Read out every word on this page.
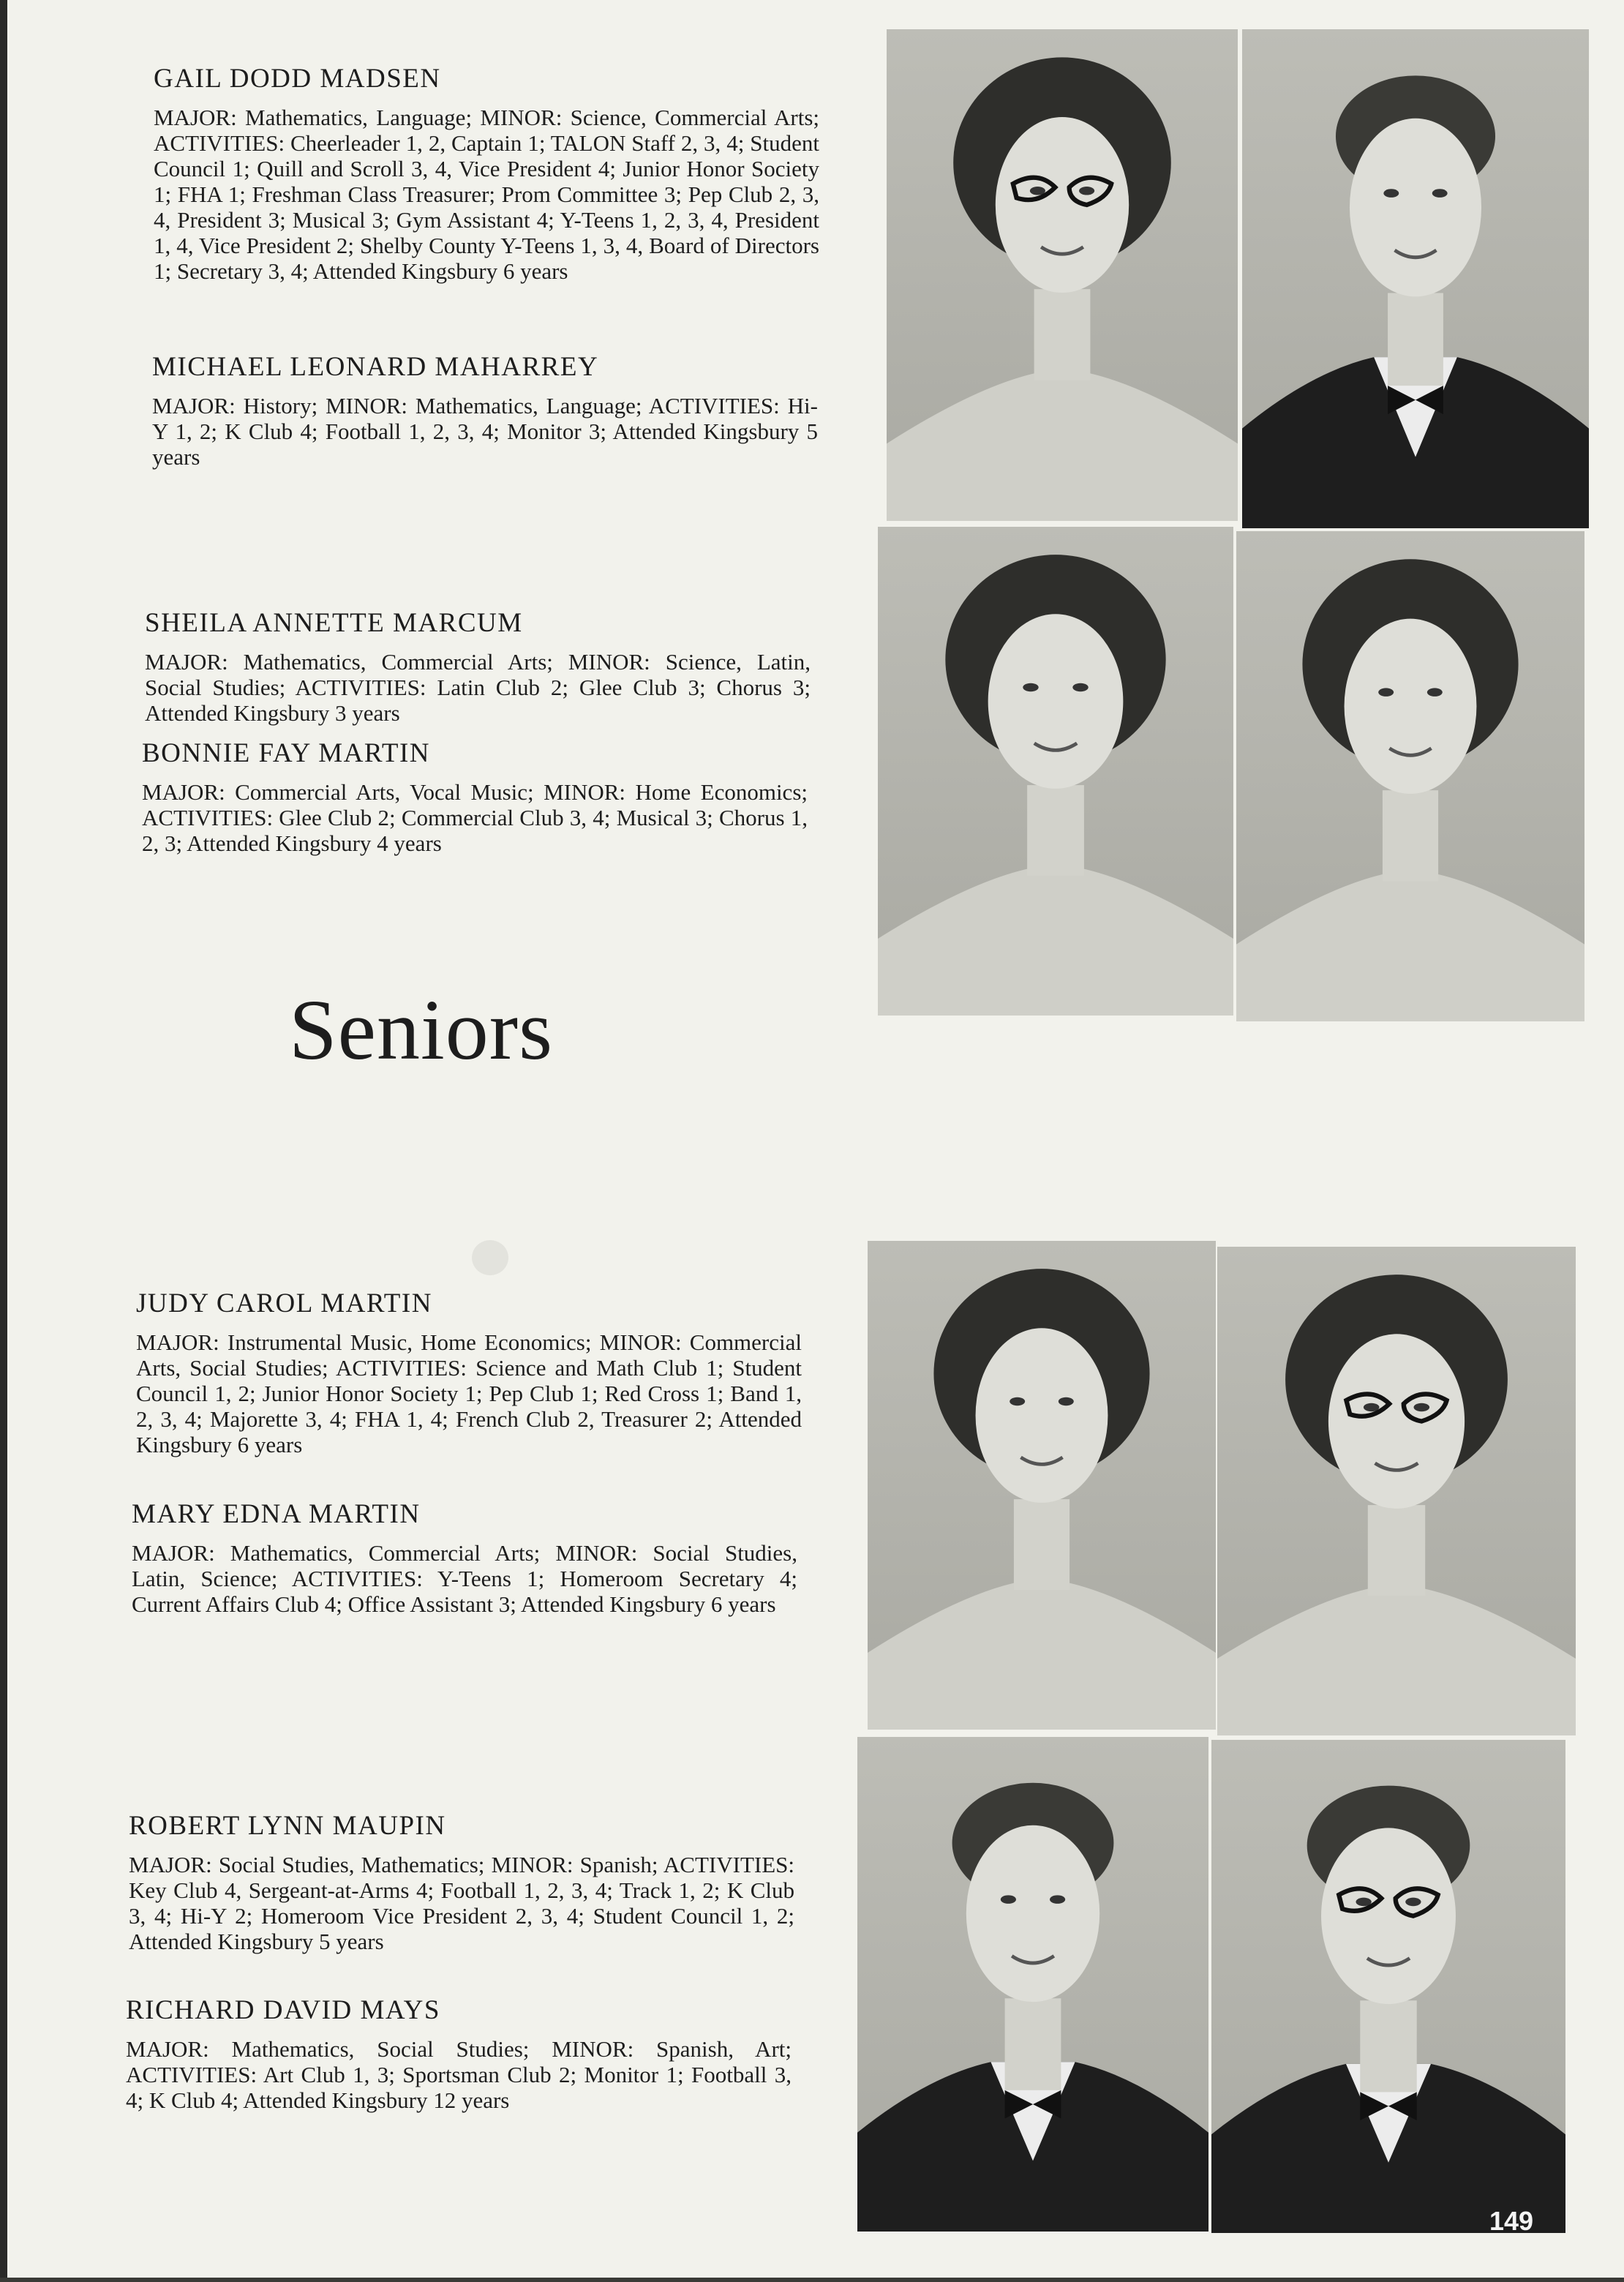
GAIL DODD MADSEN

MAJOR: Mathematics, Language; MINOR: Science, Commercial Arts; ACTIVITIES: Cheerleader 1, 2, Captain 1; TALON Staff 2, 3, 4; Student Council 1; Quill and Scroll 3, 4, Vice President 4; Junior Honor Society 1; FHA 1; Freshman Class Treasurer; Prom Committee 3; Pep Club 2, 3, 4, President 3; Musical 3; Gym Assistant 4; Y-Teens 1, 2, 3, 4, President 1, 4, Vice President 2; Shelby County Y-Teens 1, 3, 4, Board of Directors 1; Secretary 3, 4; Attended Kingsbury 6 years

MICHAEL LEONARD MAHARREY

MAJOR: History; MINOR: Mathematics, Language; ACTIVITIES: Hi-Y 1, 2; K Club 4; Football 1, 2, 3, 4; Monitor 3; Attended Kingsbury 5 years

SHEILA ANNETTE MARCUM

MAJOR: Mathematics, Commercial Arts; MINOR: Science, Latin, Social Studies; ACTIVITIES: Latin Club 2; Glee Club 3; Chorus 3; Attended Kingsbury 3 years

BONNIE FAY MARTIN

MAJOR: Commercial Arts, Vocal Music; MINOR: Home Economics; ACTIVITIES: Glee Club 2; Commercial Club 3, 4; Musical 3; Chorus 1, 2, 3; Attended Kingsbury 4 years

Seniors
JUDY CAROL MARTIN

MAJOR: Instrumental Music, Home Economics; MINOR: Commercial Arts, Social Studies; ACTIVITIES: Science and Math Club 1; Student Council 1, 2; Junior Honor Society 1; Pep Club 1; Red Cross 1; Band 1, 2, 3, 4; Majorette 3, 4; FHA 1, 4; French Club 2, Treasurer 2; Attended Kingsbury 6 years

MARY EDNA MARTIN

MAJOR: Mathematics, Commercial Arts; MINOR: Social Studies, Latin, Science; ACTIVITIES: Y-Teens 1; Homeroom Secretary 4; Current Affairs Club 4; Office Assistant 3; Attended Kingsbury 6 years

ROBERT LYNN MAUPIN

MAJOR: Social Studies, Mathematics; MINOR: Spanish; ACTIVITIES: Key Club 4, Sergeant-at-Arms 4; Football 1, 2, 3, 4; Track 1, 2; K Club 3, 4; Hi-Y 2; Homeroom Vice President 2, 3, 4; Student Council 1, 2; Attended Kingsbury 5 years

RICHARD DAVID MAYS

MAJOR: Mathematics, Social Studies; MINOR: Spanish, Art; ACTIVITIES: Art Club 1, 3; Sportsman Club 2; Monitor 1; Football 3, 4; K Club 4; Attended Kingsbury 12 years

149
